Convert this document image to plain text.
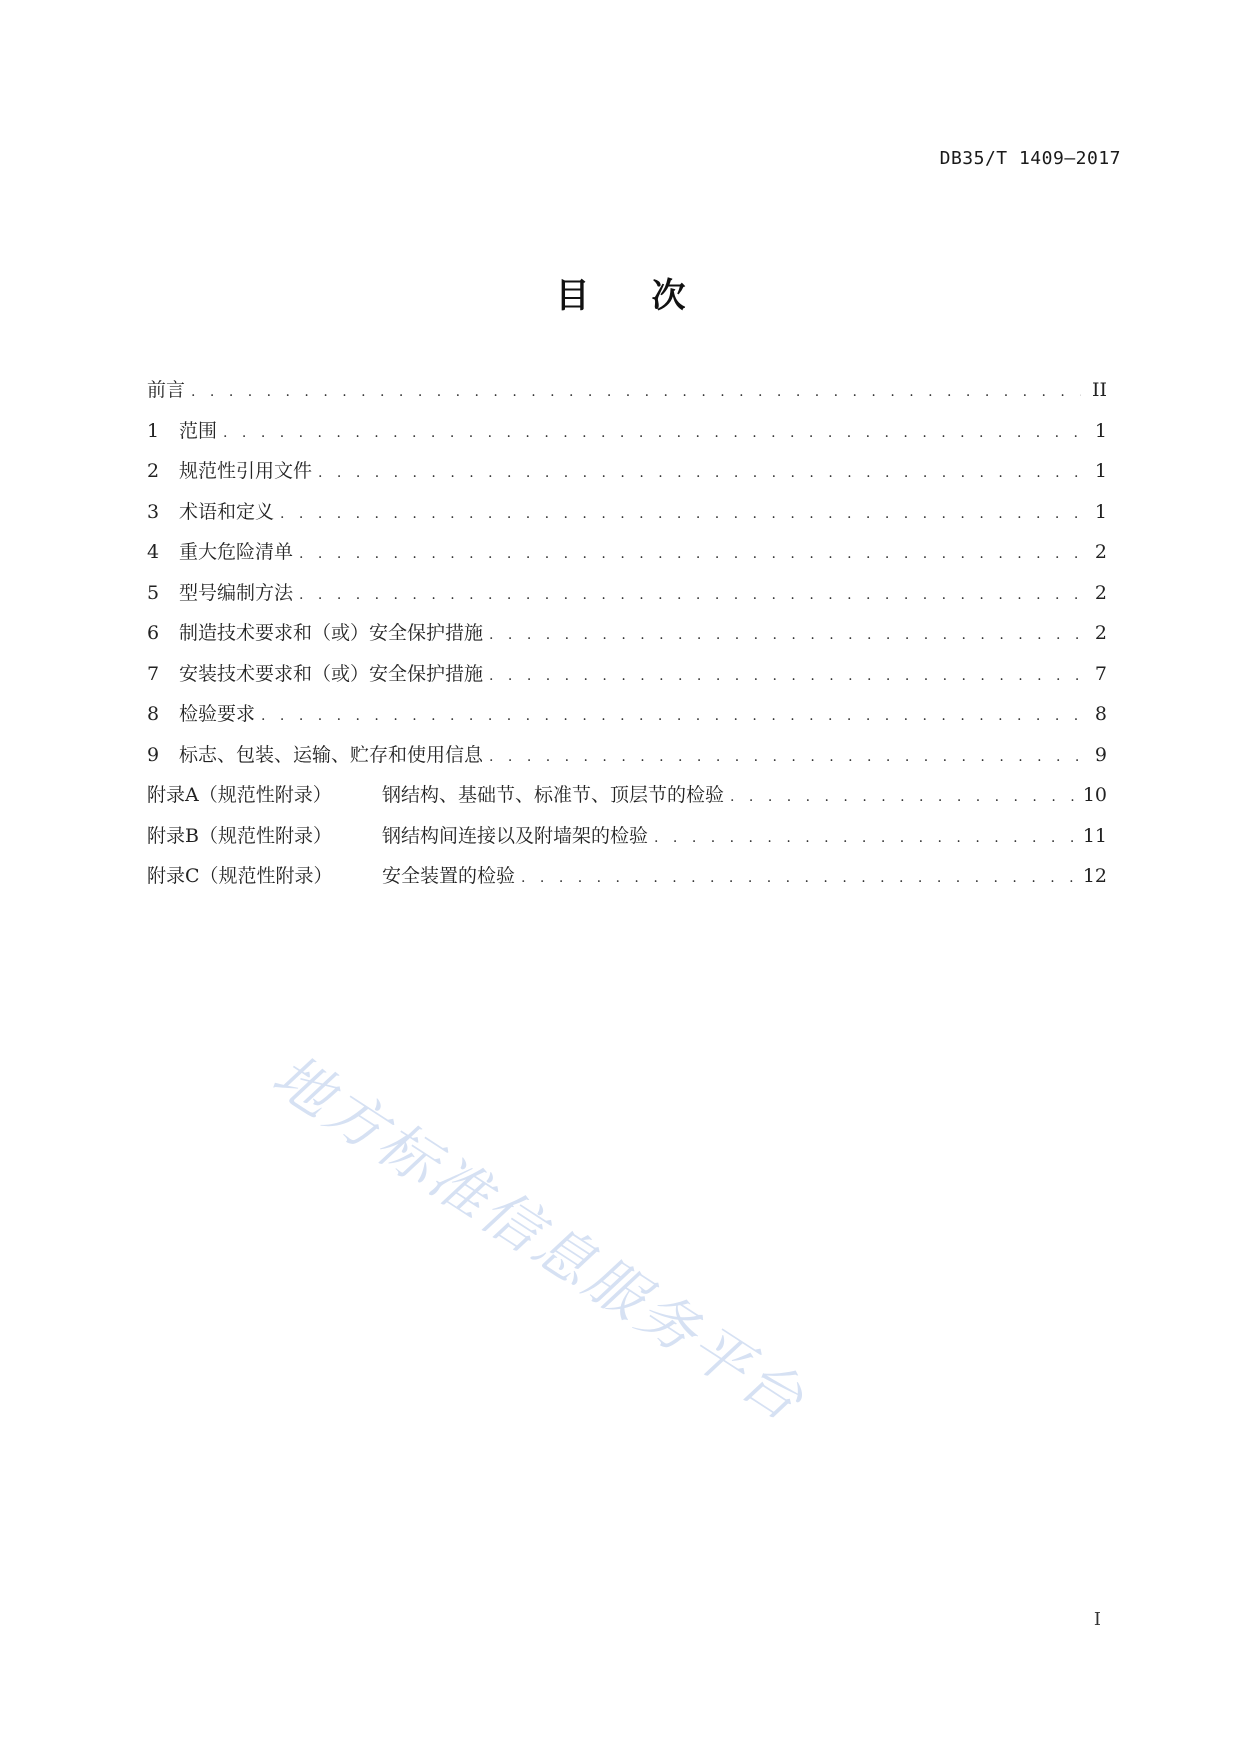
DB35/T 1409—2017
目 次
前言 . . .	II
1	范围 . . .	1
2	规范性引用文件 . . .	1
3	术语和定义 . . .	1
4	重大危险清单 . . .	2
5	型号编制方法 . . .	2
6	制造技术要求和（或）安全保护措施 . . .	2
7	安装技术要求和（或）安全保护措施 . . .	7
8	检验要求 . . .	8
9	标志、包装、运输、贮存和使用信息 . . .	9
附录A（规范性附录）	钢结构、基础节、标准节、顶层节的检验 . . .	10
附录B（规范性附录）	钢结构间连接以及附墙架的检验 . . .	11
附录C（规范性附录）	安全装置的检验 . . .	12
地方标准信息服务平台
I
